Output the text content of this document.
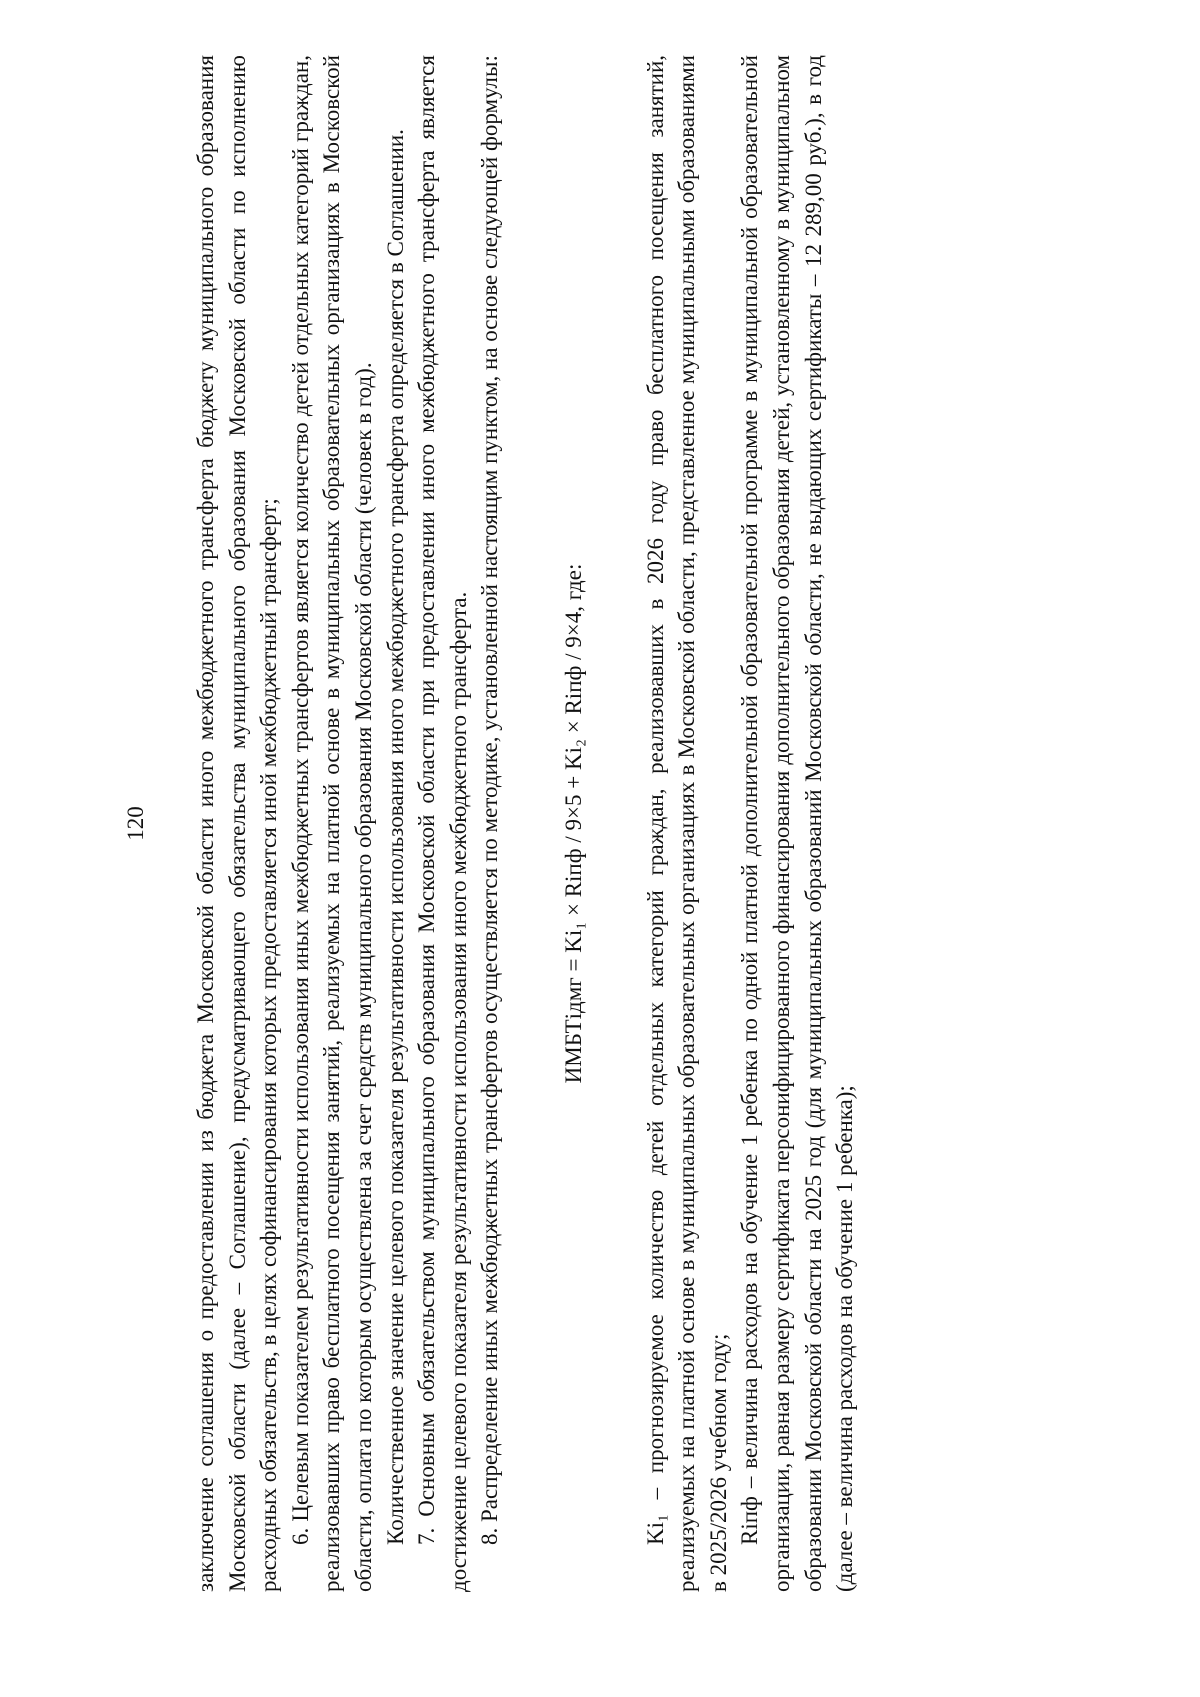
120 заключение соглашения о предоставлении из бюджета Московской области иного межбюджетного трансферта бюджету муниципального образования Московской области (далее – Соглашение), предусматривающего обязательства муниципального образования Московской области по исполнению расходных обязательств, в целях софинансирования которых предоставляется иной межбюджетный трансферт; 6. Целевым показателем результативности использования иных межбюджетных трансфертов является количество детей отдельных категорий граждан, реализовавших право бесплатного посещения занятий, реализуемых на платной основе в муниципальных образовательных организациях в Московской области, оплата по которым осуществлена за счет средств муниципального образования Московской области (человек в год). Количественное значение целевого показателя результативности использования иного межбюджетного трансферта определяется в Соглашении. 7. Основным обязательством муниципального образования Московской области при предоставлении иного межбюджетного трансферта является достижение целевого показателя результативности использования иного межбюджетного трансферта. 8. Распределение иных межбюджетных трансфертов осуществляется по методике, установленной настоящим пунктом, на основе следующей формулы:	ИМБТiдмг = Ki₁ × Riпф / 9×5 + Ki₂ × Riпф / 9×4, где: Ki₁ – прогнозируемое количество детей отдельных категорий граждан, реализовавших в 2026 году право бесплатного посещения занятий, реализуемых на платной основе в муниципальных образовательных организациях в Московской области, представленное муниципальными образованиями в 2025/2026 учебном году; Riпф – величина расходов на обучение 1 ребенка по одной платной дополнительной образовательной программе в муниципальной образовательной организации, равная размеру сертификата персонифицированного финансирования дополнительного образования детей, установленному в муниципальном образовании Московской области на 2025 год (для муниципальных образований Московской области, не выдающих сертификаты – 12 289,00 руб.), в год (далее – величина расходов на обучение 1 ребенка);
